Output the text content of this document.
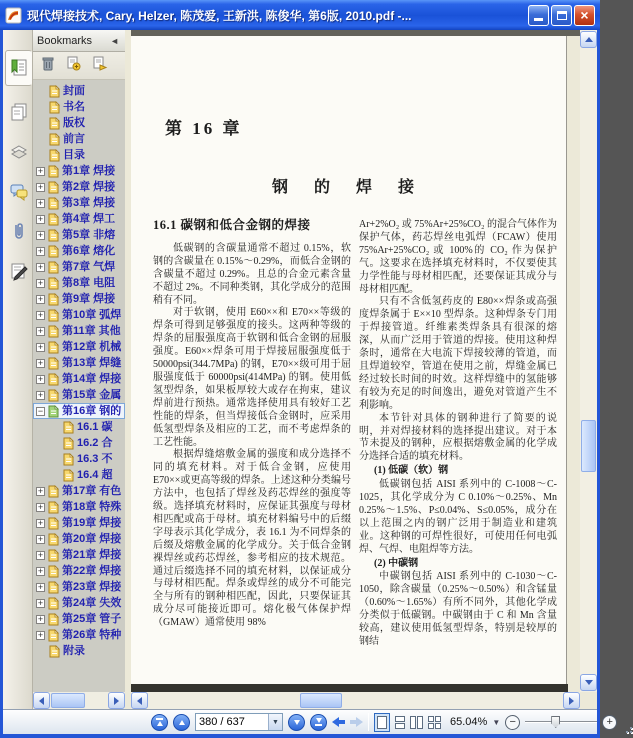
现代焊接技术, Cary, Helzer, 陈茂爱, 王新洪, 陈俊华, 第6版, 2010.pdf -...	×
Bookmarks	◄
封面
书名
版权
前言
目录
+ 第1章 焊接
+ 第2章 焊接
+ 第3章 焊接
+ 第4章 焊工
+ 第5章 非熔
+ 第6章 熔化
+ 第7章 气焊
+ 第8章 电阻
+ 第9章 焊接
+ 第10章 弧焊
+ 第11章 其他
+ 第12章 机械
+ 第13章 焊缝
+ 第14章 焊接
+ 第15章 金属
− 第16章 钢的
16.1 碳
16.2 合
16.3 不
16.4 超
+ 第17章 有色
+ 第18章 特殊
+ 第19章 焊接
+ 第20章 焊接
+ 第21章 焊接
+ 第22章 焊接
+ 第23章 焊接
+ 第24章 失效
+ 第25章 管子
+ 第26章 特种
附录
第 16 章
钢 的 焊 接
16.1 碳钢和低合金钢的焊接

低碳钢的含碳量通常不超过 0.15%，软钢的含碳量在 0.15%～0.29%，而低合金钢的含碳量不超过 0.29%。且总的合金元素含量不超过 2%。不同种类钢，其化学成分的范围稍有不同。

对于软钢，使用 E60××和 E70××等级的焊条可得到足够强度的接头。这两种等级的焊条的屈服强度高于软钢和低合金钢的屈服强度。E60××焊条可用于焊接屈服强度低于 50000psi(344.7MPa) 的钢，E70××级可用于屈服强度低于 60000psi(414MPa) 的钢。使用低氢型焊条，如果板厚较大或存在拘束，建议焊前进行预热。通常选择使用具有较好工艺性能的焊条，但当焊接低合金钢时，应采用低氢型焊条及相应的工艺，而不考虑焊条的工艺性能。

根据焊缝熔敷金属的强度和成分选择不同的填充材料。对于低合金钢，应使用 E70××或更高等级的焊条。上述这种分类编号方法中，也包括了焊丝及药芯焊丝的强度等级。选择填充材料时，应保证其强度与母材相匹配或高于母材。填充材料编号中的后缀字母表示其化学成分，表 16.1 为不同焊条的后缀及熔敷金属的化学成分。关于低合金钢裸焊丝或药芯焊丝，参考相应的技术规范。通过后缀选择不同的填充材料，以保证成分与母材相匹配。焊条或焊丝的成分不可能完全与所有的钢种相匹配，因此，只要保证其成分尽可能接近即可。熔化极气体保护焊（GMAW）通常使用 98%

Ar+2%O₂ 或 75%Ar+25%CO₂ 的混合气体作为保护气体，药芯焊丝电弧焊（FCAW）使用 75%Ar+25%CO₂ 或 100%的 CO₂ 作为保护气。这要求在选择填充材料时，不仅要使其力学性能与母材相匹配，还要保证其成分与母材相匹配。

只有不含低氢药皮的 E80××焊条或高强度焊条属于 E××10 型焊条。这种焊条专门用于焊接管道。纤维素类焊条具有很深的熔深，从而广泛用于管道的焊接。使用这种焊条时，通常在大电流下焊接较薄的管道，而且焊道较窄，管道在使用之前，焊缝金属已经过较长时间的时效。这样焊缝中的氢能够有较为充足的时间逸出，避免对管道产生不利影响。

本节针对具体的钢种进行了简要的说明，并对焊接材料的选择提出建议。对于本节未提及的钢种，应根据熔敷金属的化学成分选择合适的填充材料。

(1) 低碳（软）钢

低碳钢包括 AISI 系列中的 C-1008～C-1025，其化学成分为 C 0.10%～0.25%、Mn 0.25%～1.5%、P≤0.04%、S≤0.05%，成分在以上范围之内的钢广泛用于制造业和建筑业。这种钢的可焊性很好，可使用任何电弧焊、气焊、电阻焊等方法。

(2) 中碳钢

中碳钢包括 AISI 系列中的 C-1030～C-1050，除含碳量（0.25%～0.50%）和含锰量（0.60%～1.65%）有所不同外，其他化学成分类似于低碳钢。中碳钢由于 C 和 Mn 含量较高，建议使用低氢型焊条，特别是较厚的钢结

380 / 637
▼	65.04% ▼ −	+
